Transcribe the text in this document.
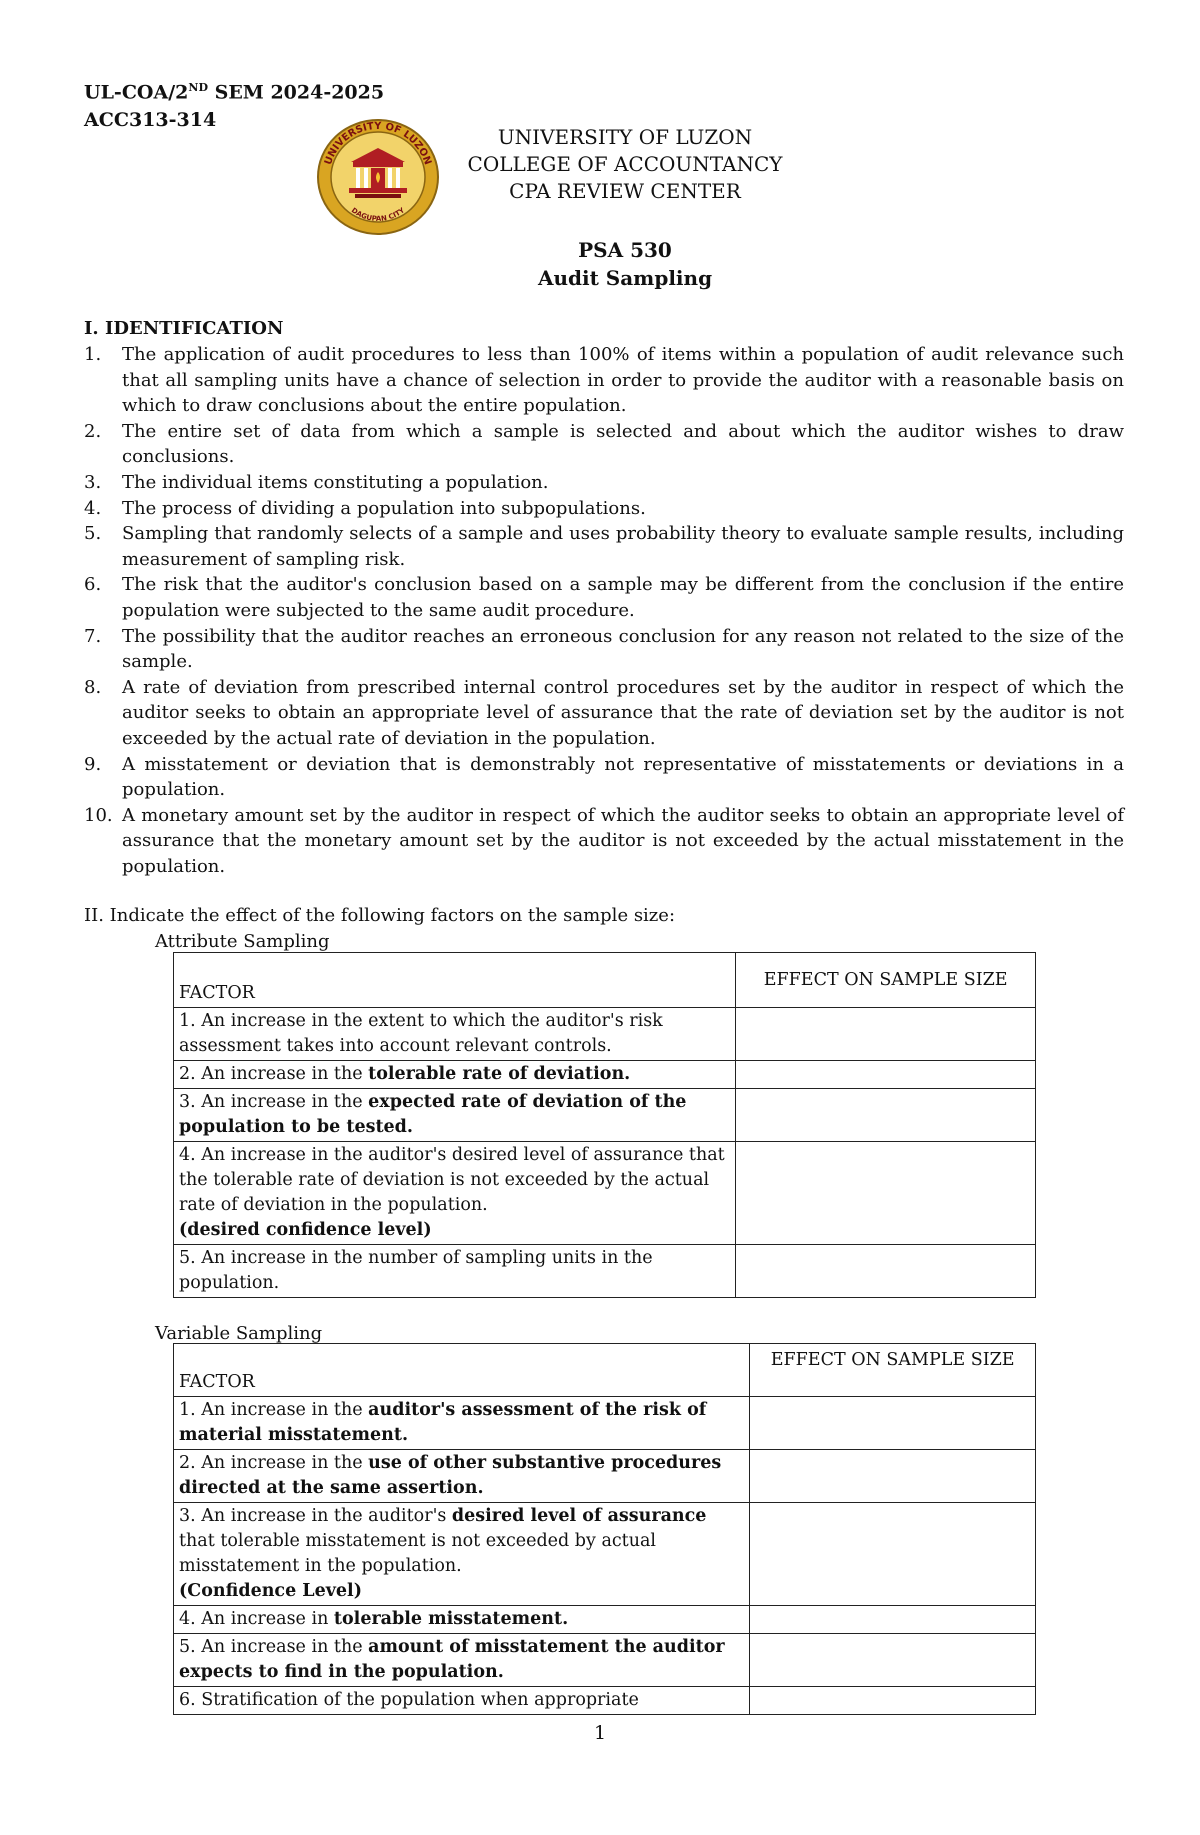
UL-COA/2ND SEM 2024-2025
ACC313-314
UNIVERSITY OF LUZON
DAGUPAN CITY
UNIVERSITY OF LUZON
COLLEGE OF ACCOUNTANCY
CPA REVIEW CENTER
PSA 530
Audit Sampling
I. IDENTIFICATION
1. The application of audit procedures to less than 100% of items within a population of audit relevance such that all sampling units have a chance of selection in order to provide the auditor with a reasonable basis on which to draw conclusions about the entire population.
2. The entire set of data from which a sample is selected and about which the auditor wishes to draw conclusions.
3. The individual items constituting a population.
4. The process of dividing a population into subpopulations.
5. Sampling that randomly selects of a sample and uses probability theory to evaluate sample results, including measurement of sampling risk.
6. The risk that the auditor's conclusion based on a sample may be different from the conclusion if the entire population were subjected to the same audit procedure.
7. The possibility that the auditor reaches an erroneous conclusion for any reason not related to the size of the sample.
8. A rate of deviation from prescribed internal control procedures set by the auditor in respect of which the auditor seeks to obtain an appropriate level of assurance that the rate of deviation set by the auditor is not exceeded by the actual rate of deviation in the population.
9. A misstatement or deviation that is demonstrably not representative of misstatements or deviations in a population.
10. A monetary amount set by the auditor in respect of which the auditor seeks to obtain an appropriate level of assurance that the monetary amount set by the auditor is not exceeded by the actual misstatement in the population.
II. Indicate the effect of the following factors on the sample size:
Attribute Sampling
FACTOR	EFFECT ON SAMPLE SIZE
1. An increase in the extent to which the auditor's risk assessment takes into account relevant controls.	
2. An increase in the tolerable rate of deviation.	
3. An increase in the expected rate of deviation of the population to be tested.	
4. An increase in the auditor's desired level of assurance that the tolerable rate of deviation is not exceeded by the actual rate of deviation in the population.
(desired confidence level)	

5. An increase in the number of sampling units in the population.	
Variable Sampling
FACTOR	EFFECT ON SAMPLE SIZE
1. An increase in the auditor's assessment of the risk of material misstatement.	
2. An increase in the use of other substantive procedures directed at the same assertion.	
3. An increase in the auditor's desired level of assurance that tolerable misstatement is not exceeded by actual misstatement in the population.
(Confidence Level)	

4. An increase in tolerable misstatement.	
5. An increase in the amount of misstatement the auditor expects to find in the population.	
6. Stratification of the population when appropriate	
1
